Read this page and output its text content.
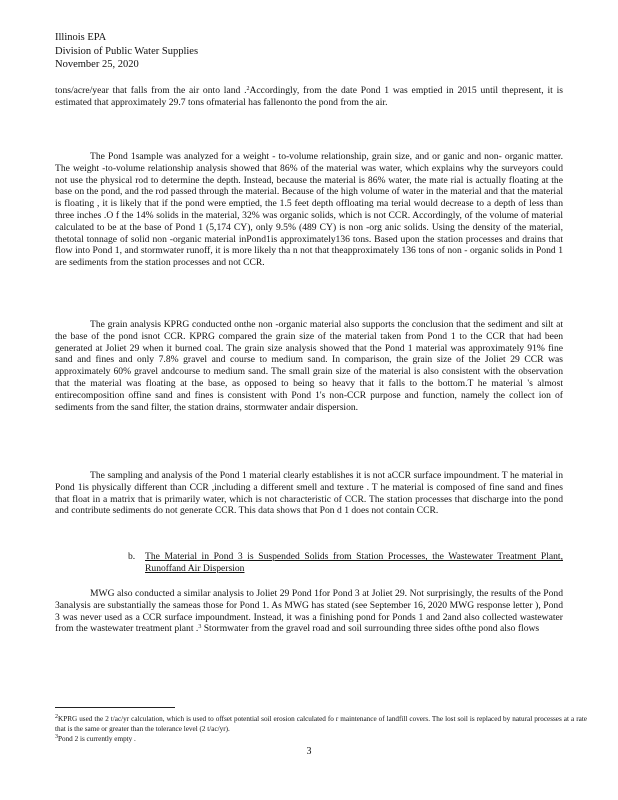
Illinois EPA
Division of Public Water Supplies
November 25, 2020
tons/acre/year that falls from the air onto land .$^2$Accordingly, from the date Pond 1 was emptied in 2015 until thepresent, it is estimated that approximately 29.7 tons ofmaterial has fallenonto the pond from the air.
The Pond 1sample was analyzed for a weight - to-volume relationship, grain size, and or ganic and non- organic matter. The weight -to-volume relationship analysis showed that 86% of the material was water, which explains why the surveyors could not use the physical rod to determine the depth. Instead, because the material is 86% water, the mate rial is actually floating at the base on the pond, and the rod passed through the material. Because of the high volume of water in the material and that the material is floating , it is likely that if the pond were emptied, the 1.5 feet depth offloating ma terial would decrease to a depth of less than three inches .O f the 14% solids in the material, 32% was organic solids, which is not CCR. Accordingly, of the volume of material calculated to be at the base of Pond 1 (5,174 CY), only 9.5% (489 CY) is non -org anic solids. Using the density of the material, thetotal tonnage of solid non -organic material inPond1is approximately136 tons. Based upon the station processes and drains that flow into Pond 1, and stormwater runoff, it is more likely tha n not that theapproximately 136 tons of non - organic solids in Pond 1 are sediments from the station processes and not CCR.
The grain analysis KPRG conducted onthe non -organic material also supports the conclusion that the sediment and silt at the base of the pond isnot CCR. KPRG compared the grain size of the material taken from Pond 1 to the CCR that had been generated at Joliet 29 when it burned coal. The grain size analysis showed that the Pond 1 material was approximately 91% fine sand and fines and only 7.8% gravel and course to medium sand. In comparison, the grain size of the Joliet 29 CCR was approximately 60% gravel andcourse to medium sand. The small grain size of the material is also consistent with the observation that the material was floating at the base, as opposed to being so heavy that it falls to the bottom.T he material 's almost entirecomposition offine sand and fines is consistent with Pond 1's non-CCR purpose and function, namely the collect ion of sediments from the sand filter, the station drains, stormwater andair dispersion.
The sampling and analysis of the Pond 1 material clearly establishes it is not aCCR surface impoundment. T he material in Pond 1is physically different than CCR ,including a different smell and texture . T he material is composed of fine sand and fines that float in a matrix that is primarily water, which is not characteristic of CCR. The station processes that discharge into the pond and contribute sediments do not generate CCR. This data shows that Pon d 1 does not contain CCR.
b. The Material in Pond 3 is Suspended Solids from Station Processes, the Wastewater Treatment Plant, Runoffand Air Dispersion
MWG also conducted a similar analysis to Joliet 29 Pond 1for Pond 3 at Joliet 29. Not surprisingly, the results of the Pond 3analysis are substantially the sameas those for Pond 1. As MWG has stated (see September 16, 2020 MWG response letter ), Pond 3 was never used as a CCR surface impoundment. Instead, it was a finishing pond for Ponds 1 and 2and also collected wastewater from the wastewater treatment plant .$^3$ Stormwater from the gravel road and soil surrounding three sides ofthe pond also flows
$^2$KPRG used the 2 t/ac/yr calculation, which is used to offset potential soil erosion calculated fo r maintenance of landfill covers. The lost soil is replaced by natural processes at a rate that is the same or greater than the tolerance level (2 t/ac/yr).
$^3$Pond 2 is currently empty .
3
